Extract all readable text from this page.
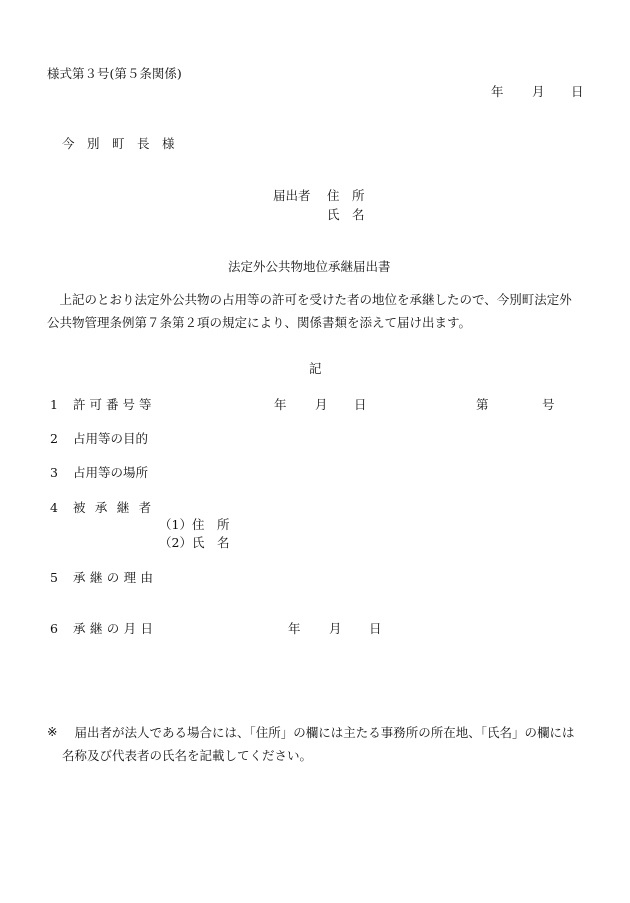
様式第３号(第５条関係)
年 月 日
今　別　町　長　様
届出者 住　所
氏　名
法定外公共物地位承継届出書
上記のとおり法定外公共物の占用等の許可を受けた者の地位を承継したので、今別町法定外公共物管理条例第７条第２項の規定により、関係書類を添えて届け出ます。
記
1 許可番号等	年 月 日	第	号
2 占用等の目的
3 占用等の場所
4 被承継者
（1）住　所
（2）氏　名
5 承継の理由
6 承継の月日	年 月 日
※	届出者が法人である場合には、「住所」の欄には主たる事務所の所在地、「氏名」の欄には名称及び代表者の氏名を記載してください。
